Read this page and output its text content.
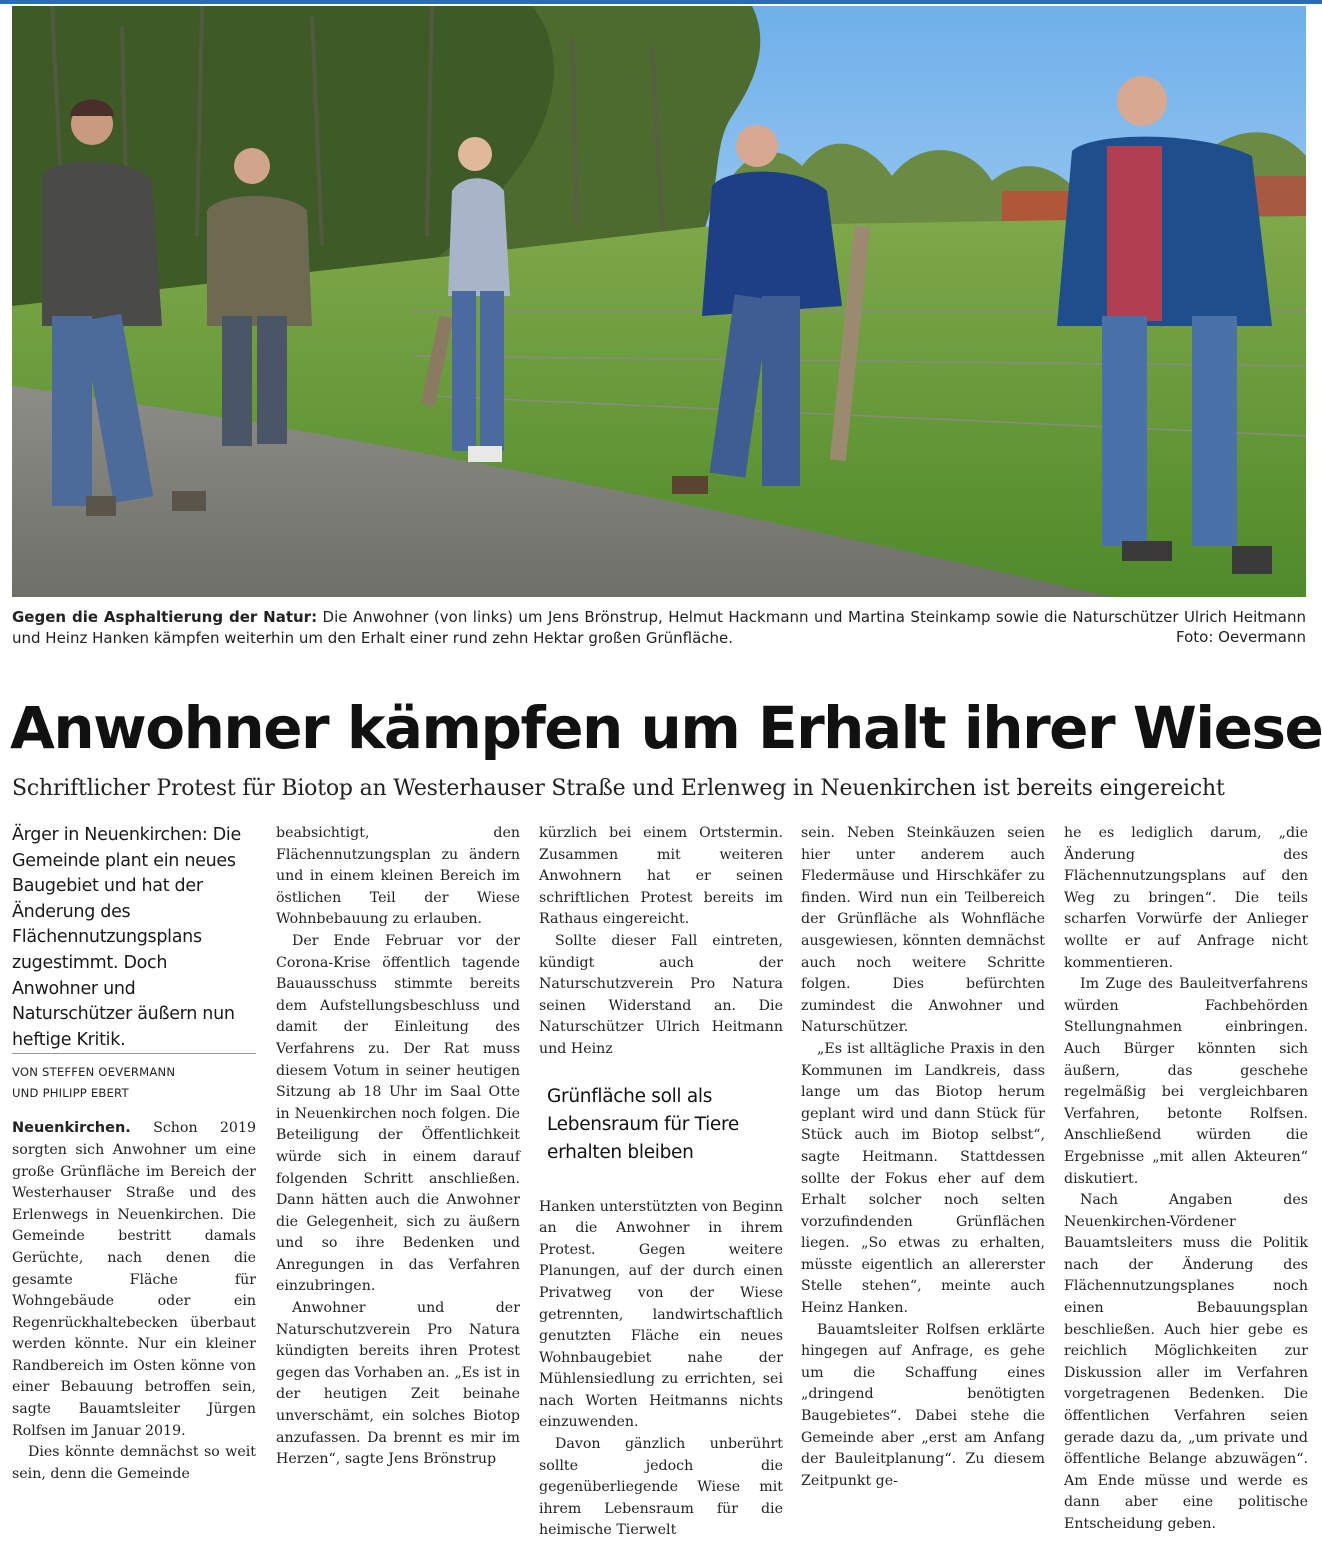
Gegen die Asphaltierung der Natur: Die Anwohner (von links) um Jens Brönstrup, Helmut Hackmann und Martina Steinkamp sowie die Naturschützer Ulrich Heitmann und Heinz Hanken kämpfen weiterhin um den Erhalt einer rund zehn Hektar großen Grünfläche.	Foto: Oevermann
Anwohner kämpfen um Erhalt ihrer Wiese
Schriftlicher Protest für Biotop an Westerhauser Straße und Erlenweg in Neuenkirchen ist bereits eingereicht

Ärger in Neuenkirchen: Die Gemeinde plant ein neues Baugebiet und hat der Änderung des Flächennutzungsplans zugestimmt. Doch Anwohner und Naturschützer äußern nun heftige Kritik.

VON STEFFEN OEVERMANN
UND PHILIPP EBERT

Neuenkirchen. Schon 2019 sorgten sich Anwohner um eine große Grünfläche im Bereich der Westerhauser Straße und des Erlenwegs in Neuenkirchen. Die Gemeinde bestritt damals Gerüchte, nach denen die gesamte Fläche für Wohngebäude oder ein Regenrückhaltebecken überbaut werden könnte. Nur ein kleiner Randbereich im Osten könne von einer Bebauung betroffen sein, sagte Bauamtsleiter Jürgen Rolfsen im Januar 2019.

Dies könnte demnächst so weit sein, denn die Gemeinde

beabsichtigt, den Flächennutzungsplan zu ändern und in einem kleinen Bereich im östlichen Teil der Wiese Wohnbebauung zu erlauben.

Der Ende Februar vor der Corona-Krise öffentlich tagende Bauausschuss stimmte bereits dem Aufstellungsbeschluss und damit der Einleitung des Verfahrens zu. Der Rat muss diesem Votum in seiner heutigen Sitzung ab 18 Uhr im Saal Otte in Neuenkirchen noch folgen. Die Beteiligung der Öffentlichkeit würde sich in einem darauf folgenden Schritt anschließen. Dann hätten auch die Anwohner die Gelegenheit, sich zu äußern und so ihre Bedenken und Anregungen in das Verfahren einzubringen.

Anwohner und der Naturschutzverein Pro Natura kündigten bereits ihren Protest gegen das Vorhaben an. „Es ist in der heutigen Zeit beinahe unverschämt, ein solches Biotop anzufassen. Da brennt es mir im Herzen“, sagte Jens Brönstrup

kürzlich bei einem Ortstermin. Zusammen mit weiteren Anwohnern hat er seinen schriftlichen Protest bereits im Rathaus eingereicht.

Sollte dieser Fall eintreten, kündigt auch der Naturschutzverein Pro Natura seinen Widerstand an. Die Naturschützer Ulrich Heitmann und Heinz

Grünfläche soll als Lebensraum für Tiere erhalten bleiben

Hanken unterstützten von Beginn an die Anwohner in ihrem Protest. Gegen weitere Planungen, auf der durch einen Privatweg von der Wiese getrennten, landwirtschaftlich genutzten Fläche ein neues Wohnbaugebiet nahe der Mühlensiedlung zu errichten, sei nach Worten Heitmanns nichts einzuwenden.

Davon gänzlich unberührt sollte jedoch die gegenüberliegende Wiese mit ihrem Lebensraum für die heimische Tierwelt

sein. Neben Steinkäuzen seien hier unter anderem auch Fledermäuse und Hirschkäfer zu finden. Wird nun ein Teilbereich der Grünfläche als Wohnfläche ausgewiesen, könnten demnächst auch noch weitere Schritte folgen. Dies befürchten zumindest die Anwohner und Naturschützer.

„Es ist alltägliche Praxis in den Kommunen im Landkreis, dass lange um das Biotop herum geplant wird und dann Stück für Stück auch im Biotop selbst“, sagte Heitmann. Stattdessen sollte der Fokus eher auf dem Erhalt solcher noch selten vorzufindenden Grünflächen liegen. „So etwas zu erhalten, müsste eigentlich an allererster Stelle stehen“, meinte auch Heinz Hanken.

Bauamtsleiter Rolfsen erklärte hingegen auf Anfrage, es gehe um die Schaffung eines „dringend benötigten Baugebietes“. Dabei stehe die Gemeinde aber „erst am Anfang der Bauleitplanung“. Zu diesem Zeitpunkt ge-

he es lediglich darum, „die Änderung des Flächennutzungsplans auf den Weg zu bringen“. Die teils scharfen Vorwürfe der Anlieger wollte er auf Anfrage nicht kommentieren.

Im Zuge des Bauleitverfahrens würden Fachbehörden Stellungnahmen einbringen. Auch Bürger könnten sich äußern, das geschehe regelmäßig bei vergleichbaren Verfahren, betonte Rolfsen. Anschließend würden die Ergebnisse „mit allen Akteuren“ diskutiert.

Nach Angaben des Neuenkirchen-Vördener Bauamtsleiters muss die Politik nach der Änderung des Flächennutzungsplanes noch einen Bebauungsplan beschließen. Auch hier gebe es reichlich Möglichkeiten zur Diskussion aller im Verfahren vorgetragenen Bedenken. Die öffentlichen Verfahren seien gerade dazu da, „um private und öffentliche Belange abzuwägen“. Am Ende müsse und werde es dann aber eine politische Entscheidung geben.
